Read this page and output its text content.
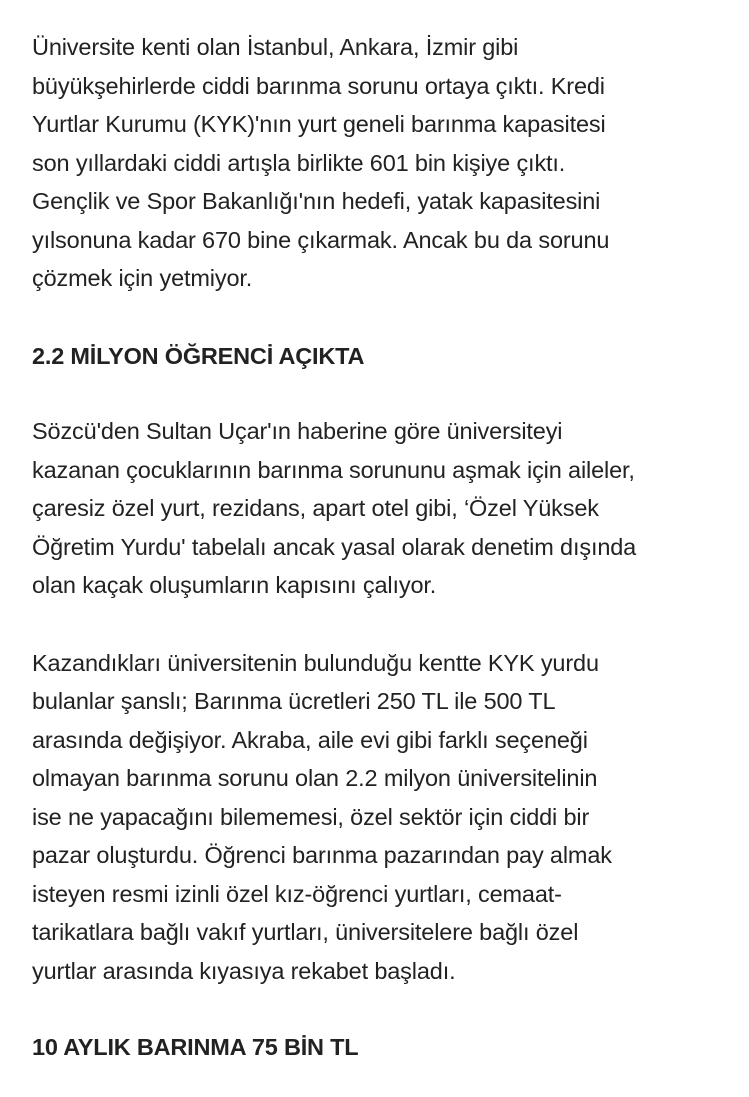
Üniversite kenti olan İstanbul, Ankara, İzmir gibi
büyükşehirlerde ciddi barınma sorunu ortaya çıktı. Kredi
Yurtlar Kurumu (KYK)'nın yurt geneli barınma kapasitesi
son yıllardaki ciddi artışla birlikte 601 bin kişiye çıktı.
Gençlik ve Spor Bakanlığı'nın hedefi, yatak kapasitesini
yılsonuna kadar 670 bine çıkarmak. Ancak bu da sorunu
çözmek için yetmiyor.

2.2 MİLYON ÖĞRENCİ AÇIKTA

Sözcü'den Sultan Uçar'ın haberine göre üniversiteyi
kazanan çocuklarının barınma sorununu aşmak için aileler,
çaresiz özel yurt, rezidans, apart otel gibi, ‘Özel Yüksek
Öğretim Yurdu' tabelalı ancak yasal olarak denetim dışında
olan kaçak oluşumların kapısını çalıyor.

Kazandıkları üniversitenin bulunduğu kentte KYK yurdu
bulanlar şanslı; Barınma ücretleri 250 TL ile 500 TL
arasında değişiyor. Akraba, aile evi gibi farklı seçeneği
olmayan barınma sorunu olan 2.2 milyon üniversitelinin
ise ne yapacağını bilememesi, özel sektör için ciddi bir
pazar oluşturdu. Öğrenci barınma pazarından pay almak
isteyen resmi izinli özel kız-öğrenci yurtları, cemaat-
tarikatlara bağlı vakıf yurtları, üniversitelere bağlı özel
yurtlar arasında kıyasıya rekabet başladı.

10 AYLIK BARINMA 75 BİN TL
